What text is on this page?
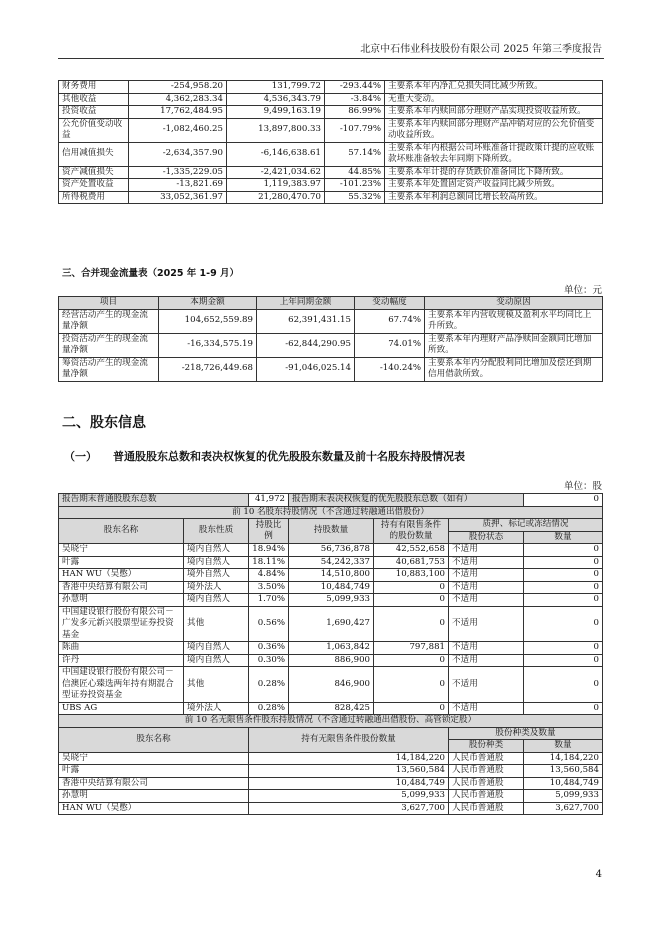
北京中石伟业科技股份有限公司 2025 年第三季度报告
财务费用	-254,958.20	131,799.72	-293.44%	主要系本年内净汇兑损失同比减少所致。
其他收益	4,362,283.34	4,536,343.79	-3.84%	无重大变动。
投资收益	17,762,484.95	9,499,163.19	86.99%	主要系本年内赎回部分理财产品实现投资收益所致。
公允价值变动收益	-1,082,460.25	13,897,800.33	-107.79%	主要系本年内赎回部分理财产品冲销对应的公允价值变动收益所致。
信用减值损失	-2,634,357.90	-6,146,638.61	57.14%	主要系本年内根据公司坏账准备计提政策计提的应收账款坏账准备较去年同期下降所致。
资产减值损失	-1,335,229.05	-2,421,034.62	44.85%	主要系本年计提的存货跌价准备同比下降所致。
资产处置收益	-13,821.69	1,119,383.97	-101.23%	主要系本年处置固定资产收益同比减少所致。
所得税费用	33,052,361.97	21,280,470.70	55.32%	主要系本年利润总额同比增长较高所致。
三、合并现金流量表（2025 年 1-9 月）
单位：元
项目	本期金额	上年同期金额	变动幅度	变动原因
经营活动产生的现金流量净额	104,652,559.89	62,391,431.15	67.74%	主要系本年内营收规模及盈利水平均同比上升所致。
投资活动产生的现金流量净额	-16,334,575.19	-62,844,290.95	74.01%	主要系本年内理财产品净赎回金额同比增加所致。
筹资活动产生的现金流量净额	-218,726,449.68	-91,046,025.14	-140.24%	主要系本年内分配股利同比增加及偿还到期信用借款所致。
二、股东信息
（一） 普通股股东总数和表决权恢复的优先股股东数量及前十名股东持股情况表
单位：股
报告期末普通股股东总数		41,972	报告期末表决权恢复的优先股股东总数（如有）			0
前 10 名股东持股情况（不含通过转融通出借股份）						
股东名称	股东性质	持股比例	持股数量	持有有限售条件的股份数量	质押、标记或冻结情况	
					股份状态	数量
吴晓宁	境内自然人	18.94%	56,736,878	42,552,658	不适用	0
叶露	境内自然人	18.11%	54,242,337	40,681,753	不适用	0
HAN WU（吴憋）	境外自然人	4.84%	14,510,800	10,883,100	不适用	0
香港中央结算有限公司	境外法人	3.50%	10,484,749	0	不适用	0
孙慧明	境内自然人	1.70%	5,099,933	0	不适用	0
中国建设银行股份有限公司－广发多元新兴股票型证券投资基金	其他	0.56%	1,690,427	0	不适用	0
陈曲	境内自然人	0.36%	1,063,842	797,881	不适用	0
许丹	境内自然人	0.30%	886,900	0	不适用	0
中国建设银行股份有限公司－信澳匠心臻选两年持有期混合型证券投资基金	其他	0.28%	846,900	0	不适用	0
UBS AG	境外法人	0.28%	828,425	0	不适用	0
前 10 名无限售条件股东持股情况（不含通过转融通出借股份、高管锁定股）						
股东名称		持有无限售条件股份数量			股份种类及数量	
					股份种类	数量
吴晓宁		14,184,220			人民币普通股	14,184,220
叶露		13,560,584			人民币普通股	13,560,584
香港中央结算有限公司		10,484,749			人民币普通股	10,484,749
孙慧明		5,099,933			人民币普通股	5,099,933
HAN WU（吴憋）		3,627,700			人民币普通股	3,627,700
4
